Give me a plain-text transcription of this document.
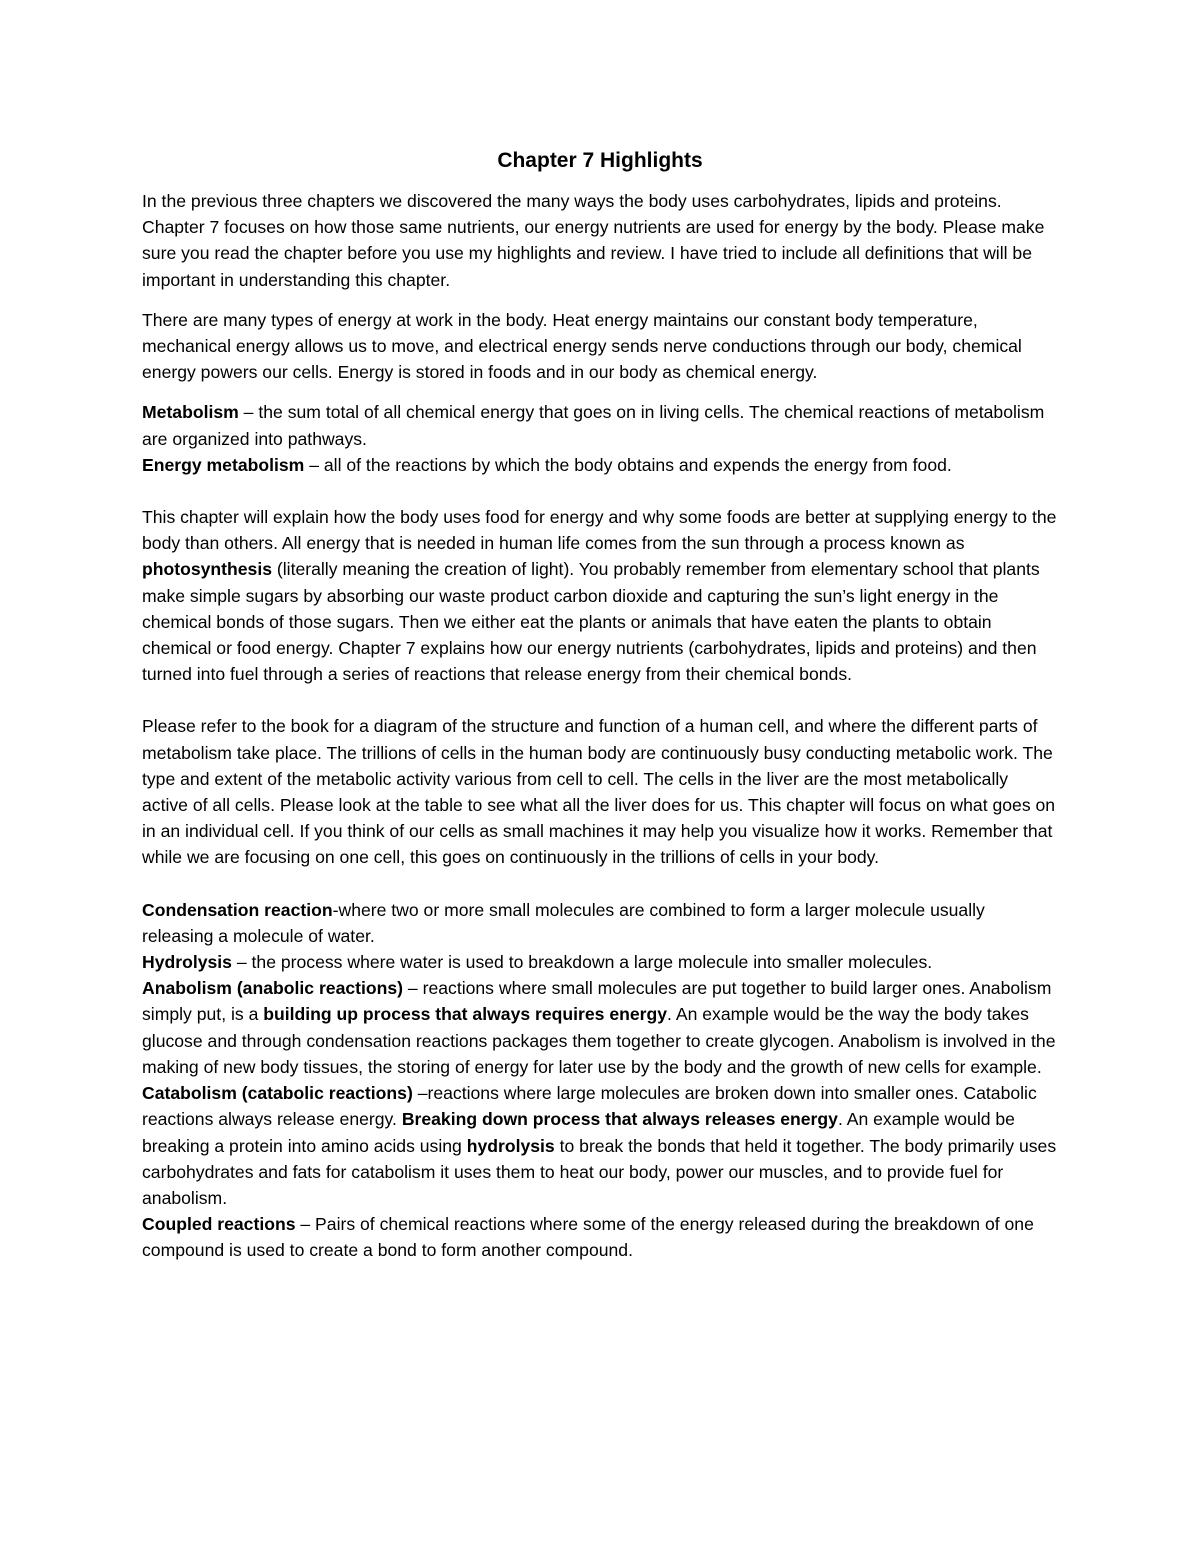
Chapter 7 Highlights

In the previous three chapters we discovered the many ways the body uses carbohydrates, lipids and proteins. Chapter 7 focuses on how those same nutrients, our energy nutrients are used for energy by the body. Please make sure you read the chapter before you use my highlights and review. I have tried to include all definitions that will be important in understanding this chapter.

There are many types of energy at work in the body. Heat energy maintains our constant body temperature, mechanical energy allows us to move, and electrical energy sends nerve conductions through our body, chemical energy powers our cells. Energy is stored in foods and in our body as chemical energy.

Metabolism – the sum total of all chemical energy that goes on in living cells. The chemical reactions of metabolism are organized into pathways.

Energy metabolism – all of the reactions by which the body obtains and expends the energy from food.

This chapter will explain how the body uses food for energy and why some foods are better at supplying energy to the body than others. All energy that is needed in human life comes from the sun through a process known as photosynthesis (literally meaning the creation of light). You probably remember from elementary school that plants make simple sugars by absorbing our waste product carbon dioxide and capturing the sun’s light energy in the chemical bonds of those sugars. Then we either eat the plants or animals that have eaten the plants to obtain chemical or food energy. Chapter 7 explains how our energy nutrients (carbohydrates, lipids and proteins) and then turned into fuel through a series of reactions that release energy from their chemical bonds.

Please refer to the book for a diagram of the structure and function of a human cell, and where the different parts of metabolism take place. The trillions of cells in the human body are continuously busy conducting metabolic work. The type and extent of the metabolic activity various from cell to cell. The cells in the liver are the most metabolically active of all cells. Please look at the table to see what all the liver does for us. This chapter will focus on what goes on in an individual cell. If you think of our cells as small machines it may help you visualize how it works. Remember that while we are focusing on one cell, this goes on continuously in the trillions of cells in your body.

Condensation reaction-where two or more small molecules are combined to form a larger molecule usually releasing a molecule of water.

Hydrolysis – the process where water is used to breakdown a large molecule into smaller molecules.

Anabolism (anabolic reactions) – reactions where small molecules are put together to build larger ones. Anabolism simply put, is a building up process that always requires energy. An example would be the way the body takes glucose and through condensation reactions packages them together to create glycogen. Anabolism is involved in the making of new body tissues, the storing of energy for later use by the body and the growth of new cells for example.

Catabolism (catabolic reactions) –reactions where large molecules are broken down into smaller ones. Catabolic reactions always release energy. Breaking down process that always releases energy. An example would be breaking a protein into amino acids using hydrolysis to break the bonds that held it together. The body primarily uses carbohydrates and fats for catabolism it uses them to heat our body, power our muscles, and to provide fuel for anabolism.

Coupled reactions – Pairs of chemical reactions where some of the energy released during the breakdown of one compound is used to create a bond to form another compound.
